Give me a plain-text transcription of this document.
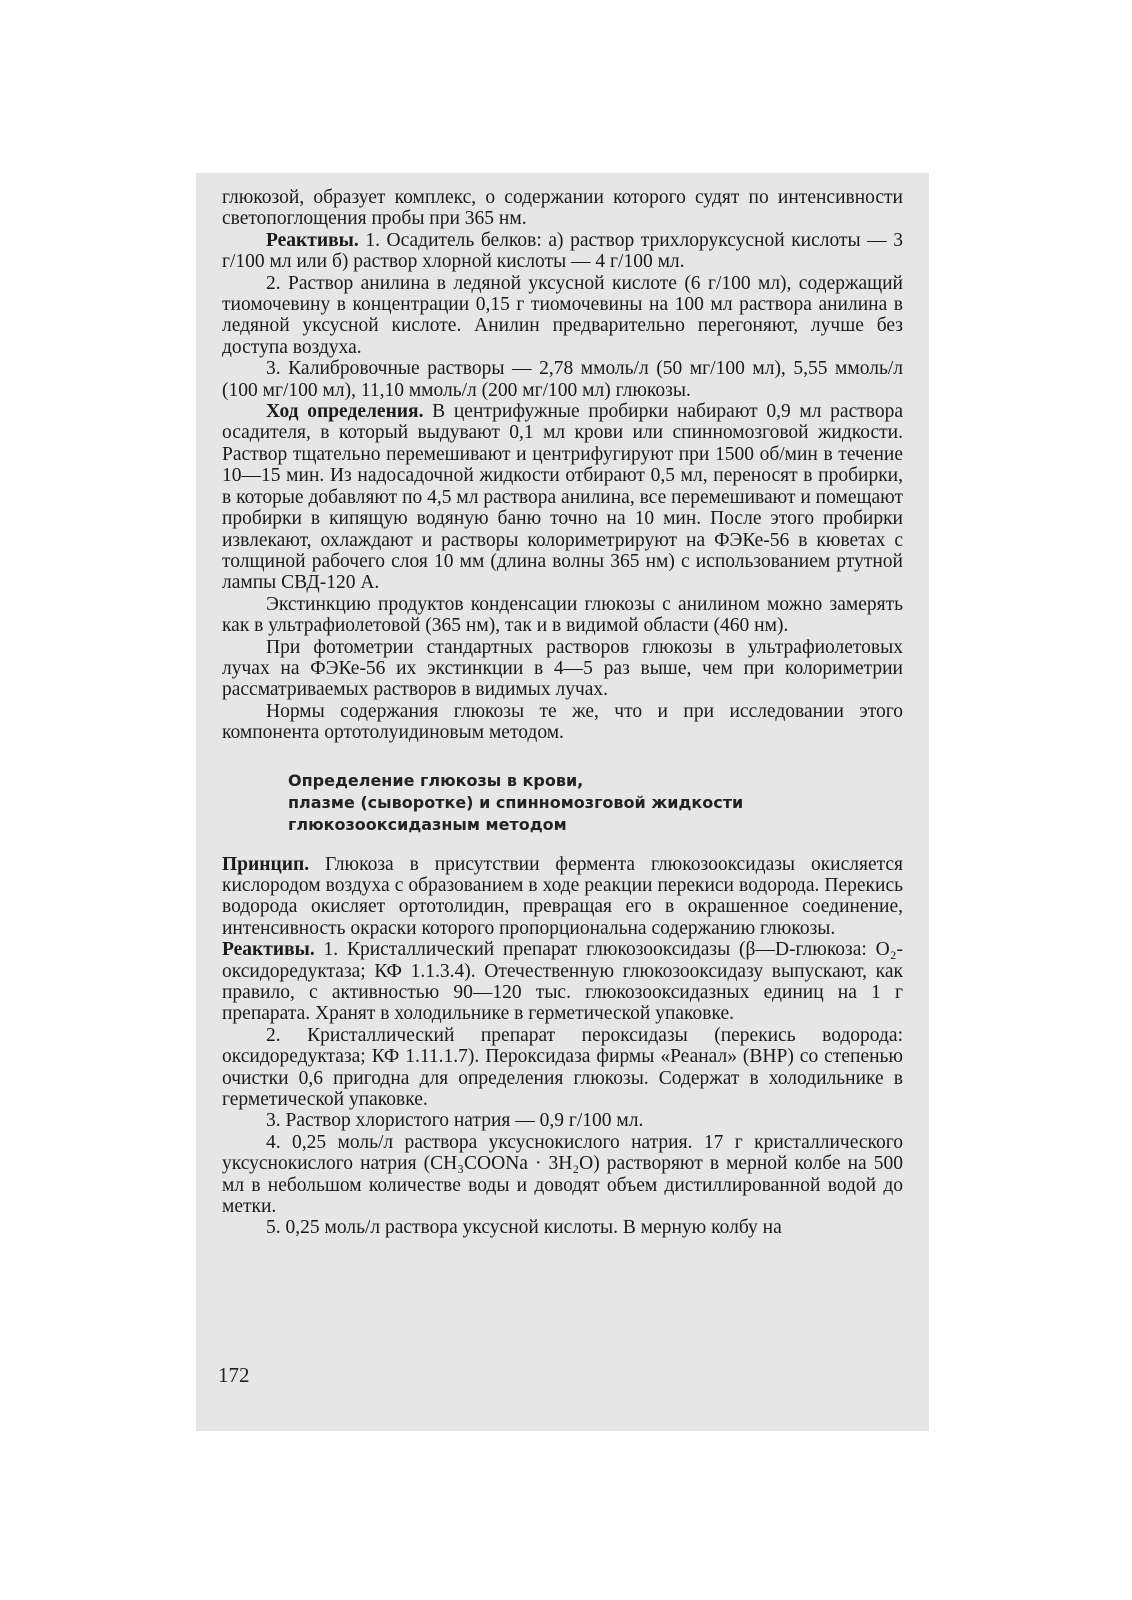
глюкозой, образует комплекс, о содержании которого судят по интенсивности светопоглощения пробы при 365 нм.

Реактивы. 1. Осадитель белков: а) раствор трихлоруксусной кислоты — 3 г/100 мл или б) раствор хлорной кислоты — 4 г/100 мл.

2. Раствор анилина в ледяной уксусной кислоте (6 г/100 мл), содержащий тиомочевину в концентрации 0,15 г тиомочевины на 100 мл раствора анилина в ледяной уксусной кислоте. Анилин предварительно перегоняют, лучше без доступа воздуха.

3. Калибровочные растворы — 2,78 ммоль/л (50 мг/100 мл), 5,55 ммоль/л (100 мг/100 мл), 11,10 ммоль/л (200 мг/100 мл) глюкозы.

Ход определения. В центрифужные пробирки набирают 0,9 мл раствора осадителя, в который выдувают 0,1 мл крови или спинномозговой жидкости. Раствор тщательно перемешивают и центрифугируют при 1500 об/мин в течение 10—15 мин. Из надосадочной жидкости отбирают 0,5 мл, переносят в пробирки, в которые добавляют по 4,5 мл раствора анилина, все перемешивают и помещают пробирки в кипящую водяную баню точно на 10 мин. После этого пробирки извлекают, охлаждают и растворы колориметрируют на ФЭКе-56 в кюветах с толщиной рабочего слоя 10 мм (длина волны 365 нм) с использованием ртутной лампы СВД-120 А.

Экстинкцию продуктов конденсации глюкозы с анилином можно замерять как в ультрафиолетовой (365 нм), так и в видимой области (460 нм).

При фотометрии стандартных растворов глюкозы в ультрафиолетовых лучах на ФЭКе-56 их экстинкции в 4—5 раз выше, чем при колориметрии рассматриваемых растворов в видимых лучах.

Нормы содержания глюкозы те же, что и при исследовании этого компонента ортотолуидиновым методом.

Определение глюкозы в крови,
плазме (сыворотке) и спинномозговой жидкости
глюкозооксидазным методом

Принцип. Глюкоза в присутствии фермента глюкозооксидазы окисляется кислородом воздуха с образованием в ходе реакции перекиси водорода. Перекись водорода окисляет ортотолидин, превращая его в окрашенное соединение, интенсивность окраски которого пропорциональна содержанию глюкозы.

Реактивы. 1. Кристаллический препарат глюкозооксидазы (β—D-глюкоза: О₂-оксидоредуктаза; КФ 1.1.3.4). Отечественную глюкозооксидазу выпускают, как правило, с активностью 90—120 тыс. глюкозооксидазных единиц на 1 г препарата. Хранят в холодильнике в герметической упаковке.

2. Кристаллический препарат пероксидазы (перекись водорода: оксидоредуктаза; КФ 1.11.1.7). Пероксидаза фирмы «Реанал» (ВНР) со степенью очистки 0,6 пригодна для определения глюкозы. Содержат в холодильнике в герметической упаковке.

3. Раствор хлористого натрия — 0,9 г/100 мл.

4. 0,25 моль/л раствора уксуснокислого натрия. 17 г кристаллического уксуснокислого натрия (CH₃COONa · 3H₂O) растворяют в мерной колбе на 500 мл в небольшом количестве воды и доводят объем дистиллированной водой до метки.

5. 0,25 моль/л раствора уксусной кислоты. В мерную колбу на

172
